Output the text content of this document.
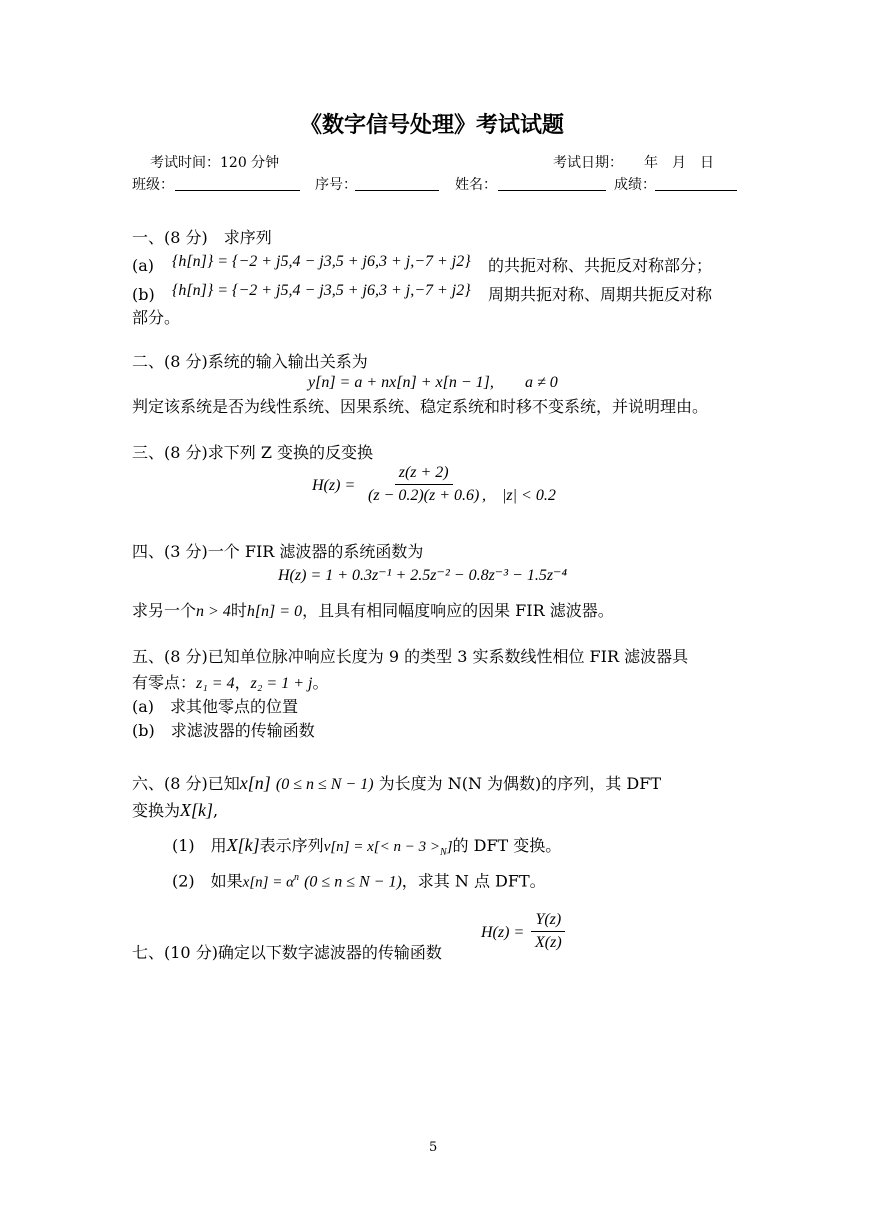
《数字信号处理》考试试题
考试时间：120 分钟	考试日期：　　年　月　日
班级：	序号：	姓名：	成绩：
一、(8 分)　求序列
(a) {h[n]} = {−2 + j5,4 − j3,5 + j6,3 + j,−7 + j2} 的共扼对称、共扼反对称部分；
(b) {h[n]} = {−2 + j5,4 − j3,5 + j6,3 + j,−7 + j2} 周期共扼对称、周期共扼反对称
部分。
二、(8 分)系统的输入输出关系为
y[n] = a + nx[n] + x[n − 1], a ≠ 0
判定该系统是否为线性系统、因果系统、稳定系统和时移不变系统，并说明理由。
三、(8 分)求下列 Z 变换的反变换
$H(z) = \frac{z(z + 2)}{(z - 0.2)(z + 0.6)}$
,　|z| < 0.2
四、(3 分)一个 FIR 滤波器的系统函数为
H(z) = 1 + 0.3z⁻¹ + 2.5z⁻² − 0.8z⁻³ − 1.5z⁻⁴
求另一个n > 4时h[n] = 0，且具有相同幅度响应的因果 FIR 滤波器。
五、(8 分)已知单位脉冲响应长度为 9 的类型 3 实系数线性相位 FIR 滤波器具
有零点：z₁ = 4，z₂ = 1 + j。
(a)　求其他零点的位置
(b)　求滤波器的传输函数
六、(8 分)已知x[n] (0 ≤ n ≤ N − 1) 为长度为 N(N 为偶数)的序列，其 DFT
变换为X[k],
(1)　用X[k]表示序列$v[n] = x[< n - 3 >_N]$的 DFT 变换。
(2)　如果$x[n] = \alpha^n$ (0 ≤ n ≤ N − 1)，求其 N 点 DFT。
七、(10 分)确定以下数字滤波器的传输函数
$H(z) = \frac{Y(z)}{X(z)}$
5
